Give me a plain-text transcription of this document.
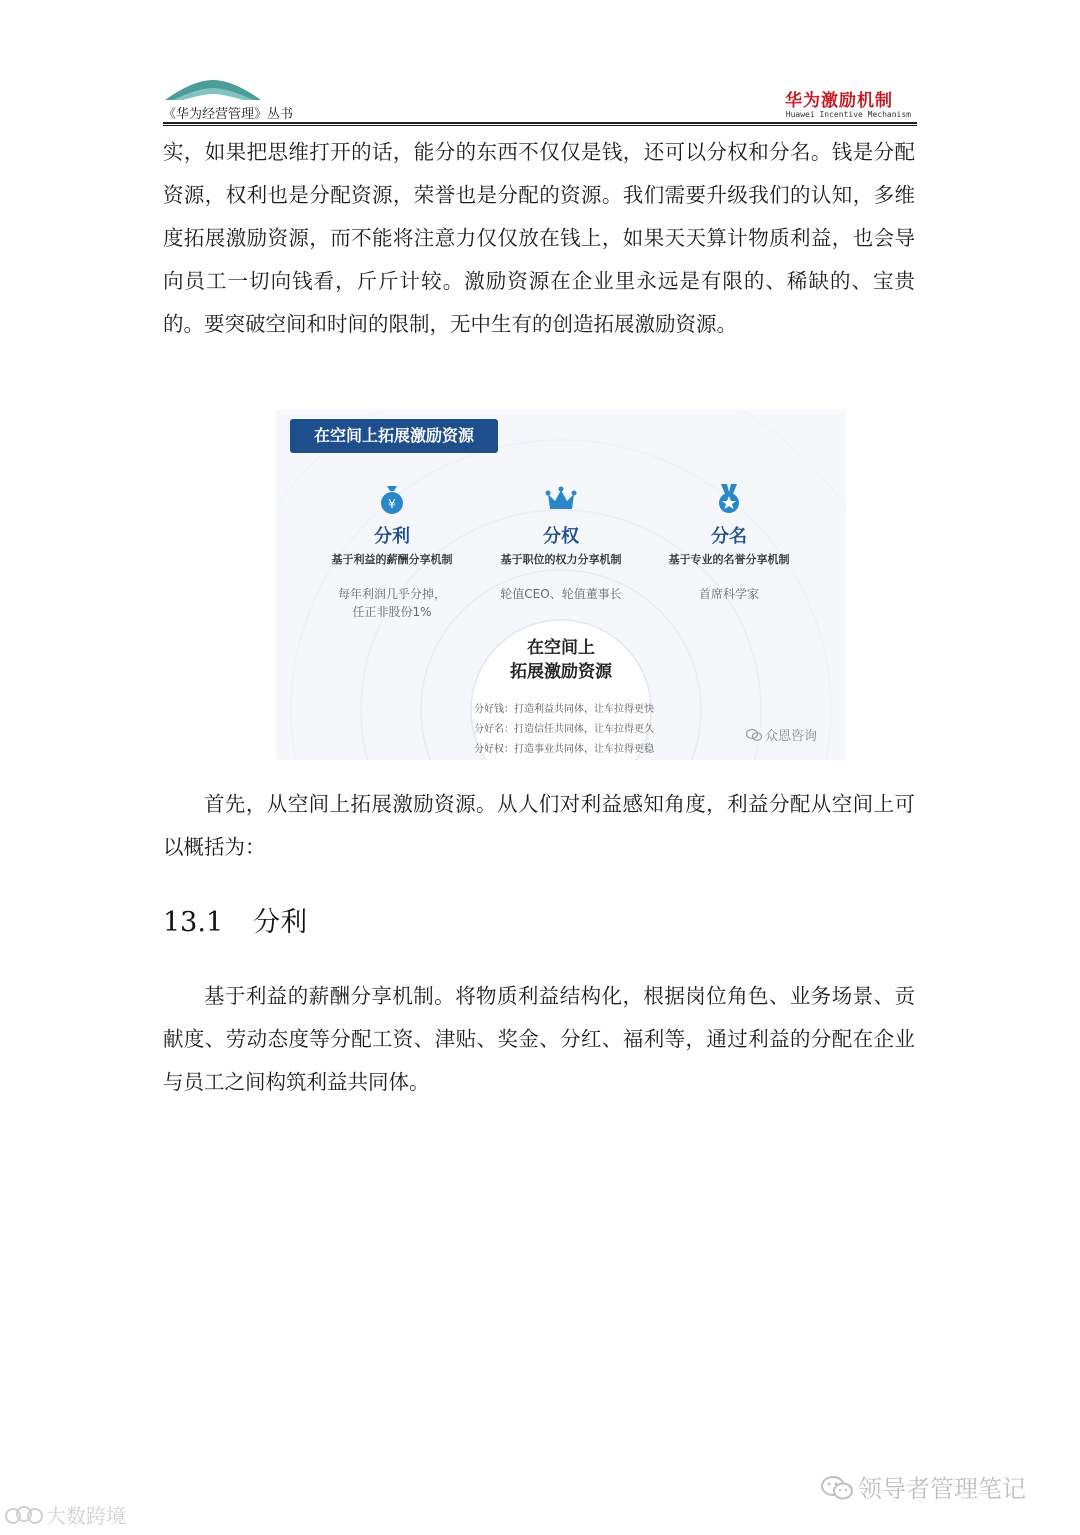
《华为经营管理》丛书
华为激励机制
Huawei Incentive Mechanism

实，如果把思维打开的话，能分的东西不仅仅是钱，还可以分权和分名。钱是分配资源，权利也是分配资源，荣誉也是分配的资源。我们需要升级我们的认知，多维度拓展激励资源，而不能将注意力仅仅放在钱上，如果天天算计物质利益，也会导向员工一切向钱看，斤斤计较。激励资源在企业里永远是有限的、稀缺的、宝贵的。要突破空间和时间的限制，无中生有的创造拓展激励资源。

在空间上拓展激励资源
¥
分利
基于利益的薪酬分享机制
每年利润几乎分掉，
任正非股份1%
分权
基于职位的权力分享机制
轮值CEO、轮值董事长
分名
基于专业的名誉分享机制
首席科学家
在空间上
拓展激励资源
分好钱：打造利益共同体，让车拉得更快
分好名：打造信任共同体，让车拉得更久
分好权：打造事业共同体，让车拉得更稳
众恩咨询

首先，从空间上拓展激励资源。从人们对利益感知角度，利益分配从空间上可以概括为：

13.1 分利

基于利益的薪酬分享机制。将物质利益结构化，根据岗位角色、业务场景、贡献度、劳动态度等分配工资、津贴、奖金、分红、福利等，通过利益的分配在企业与员工之间构筑利益共同体。

领导者管理笔记
大数跨境
